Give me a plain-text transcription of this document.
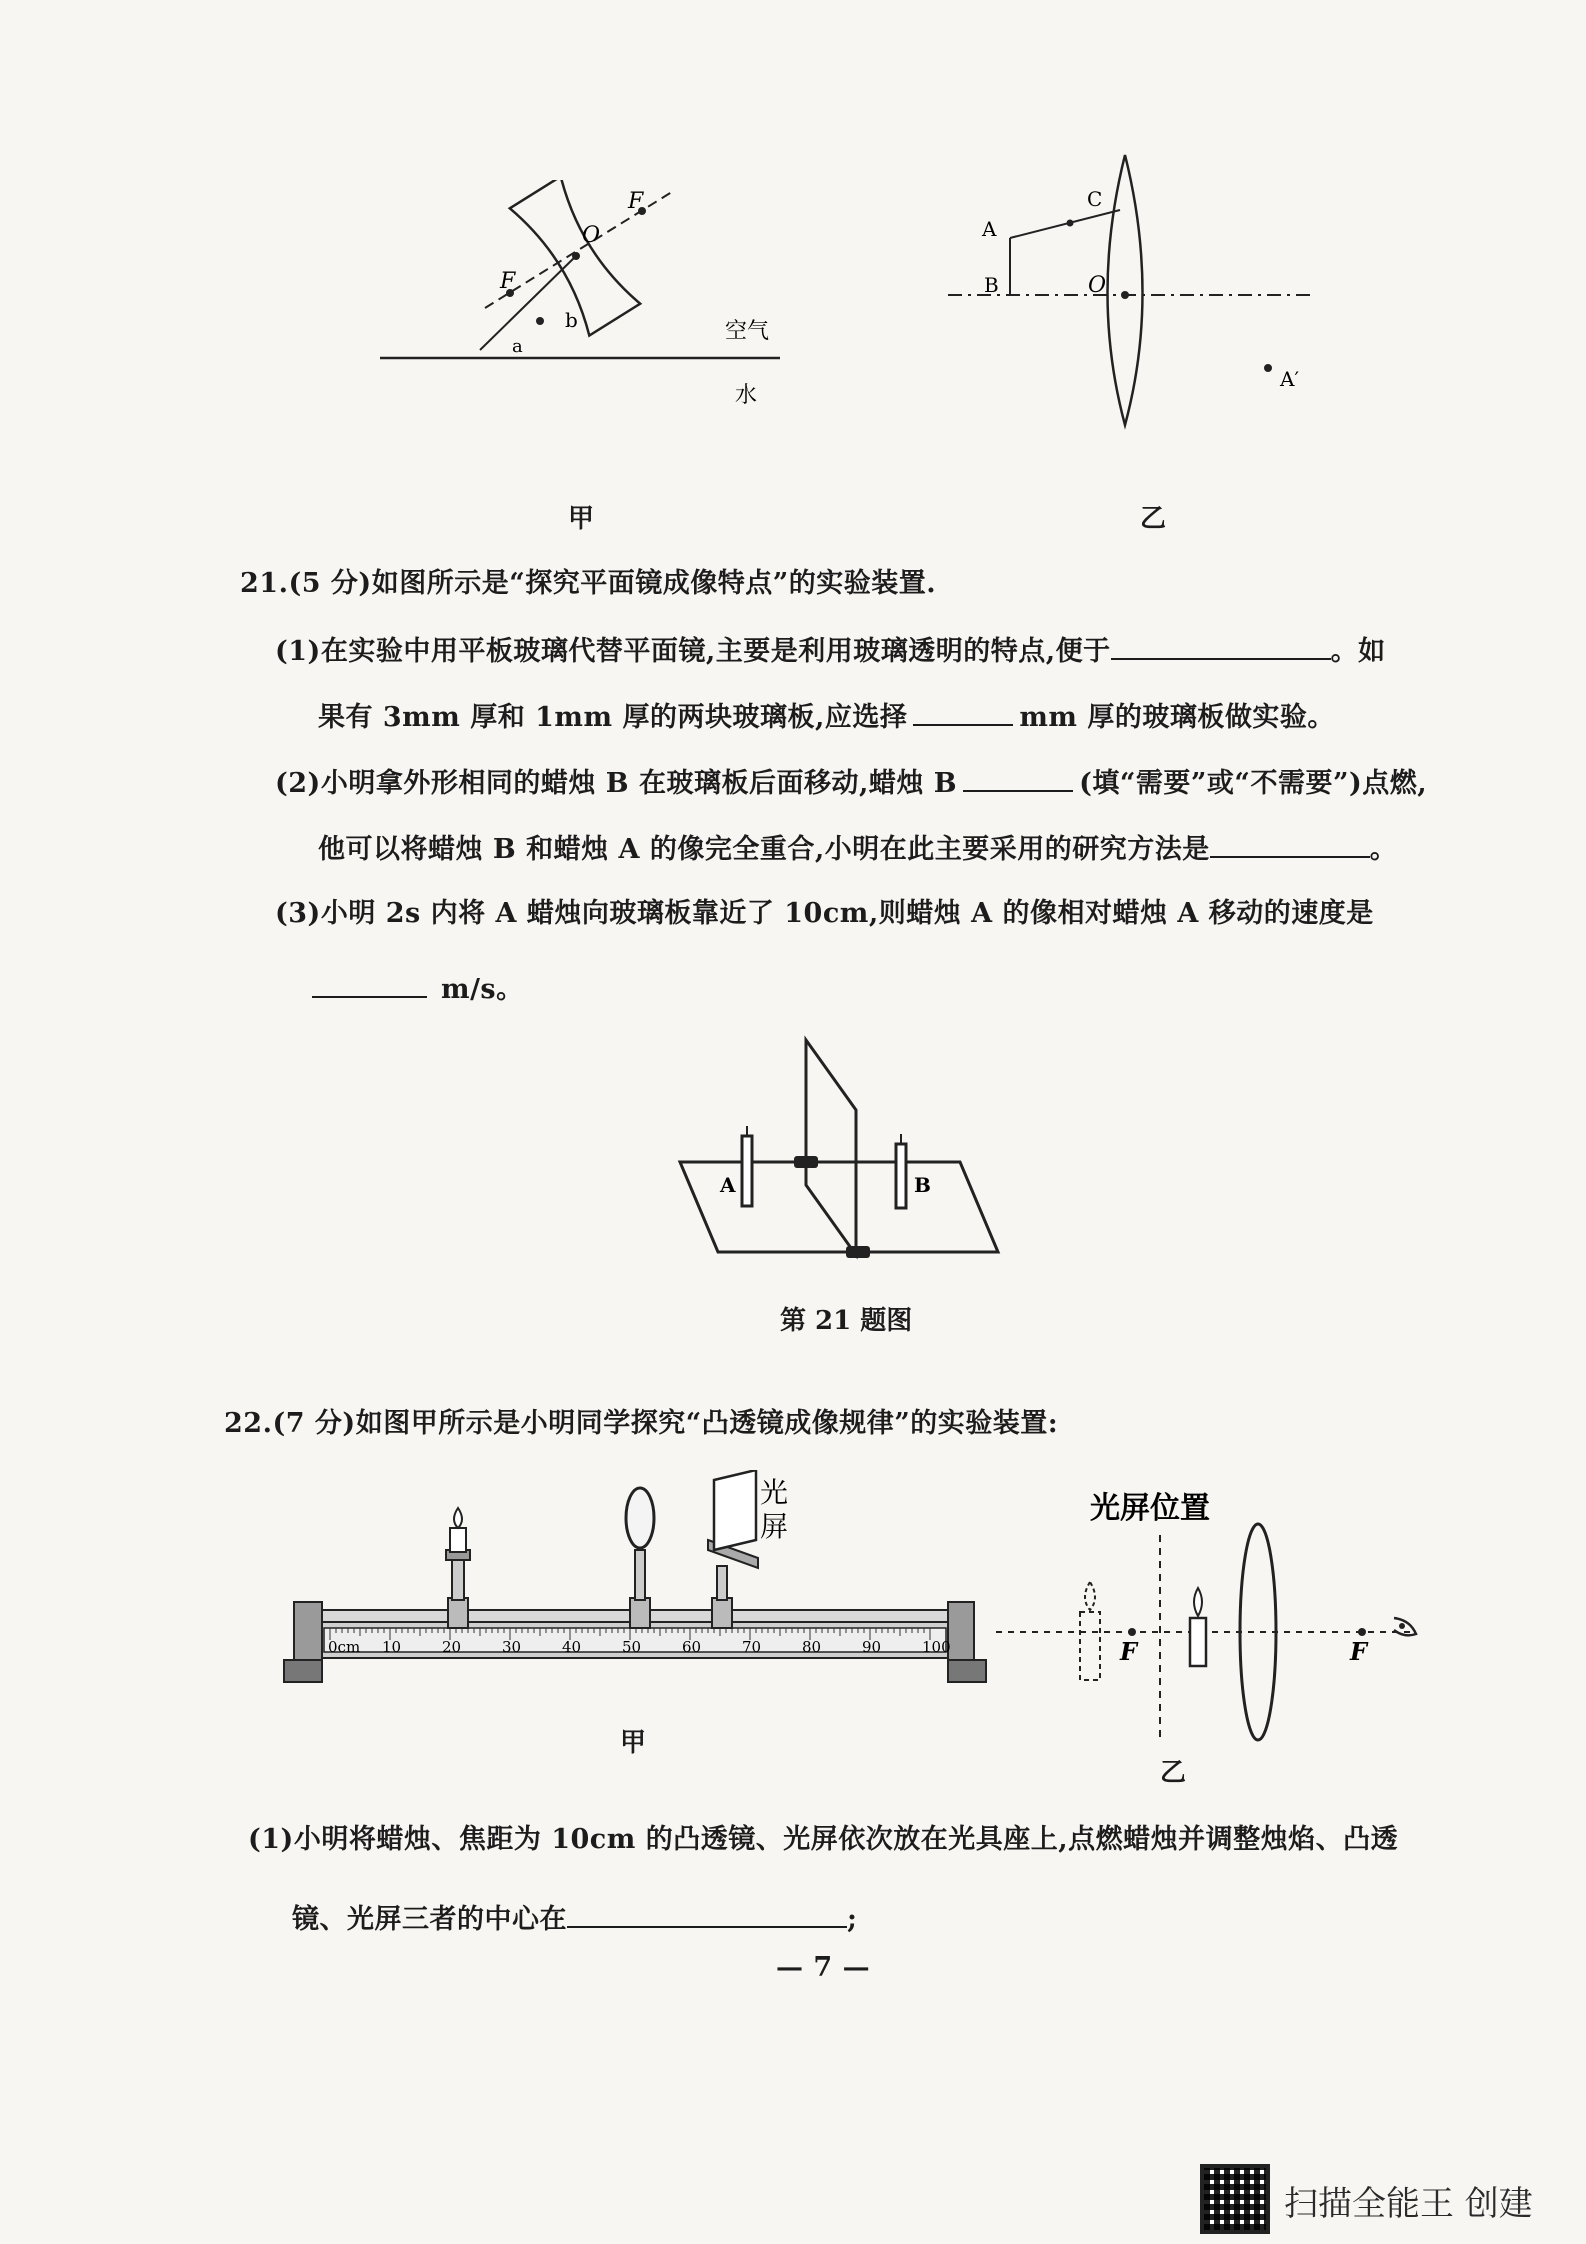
F
O
F
b
a
空气
水
C
A
B	O
A′
甲	乙
21.(5 分)如图所示是“探究平面镜成像特点”的实验装置.
(1)在实验中用平板玻璃代替平面镜,主要是利用玻璃透明的特点,便于	。如
果有 3mm 厚和 1mm 厚的两块玻璃板,应选择	mm 厚的玻璃板做实验。
(2)小明拿外形相同的蜡烛 B 在玻璃板后面移动,蜡烛 B	(填“需要”或“不需要”)点燃,
他可以将蜡烛 B 和蜡烛 A 的像完全重合,小明在此主要采用的研究方法是	。
(3)小明 2s 内将 A 蜡烛向玻璃板靠近了 10cm,则蜡烛 A 的像相对蜡烛 A 移动的速度是
m/s。
A	B
第 21 题图
22.(7 分)如图甲所示是小明同学探究“凸透镜成像规律”的实验装置:
光
屏
0cm 10	20	30	40	50	60	70	80	90	100
甲
光屏位置
F	F
乙
(1)小明将蜡烛、焦距为 10cm 的凸透镜、光屏依次放在光具座上,点燃蜡烛并调整烛焰、凸透
镜、光屏三者的中心在	;
— 7 —
扫描全能王 创建
